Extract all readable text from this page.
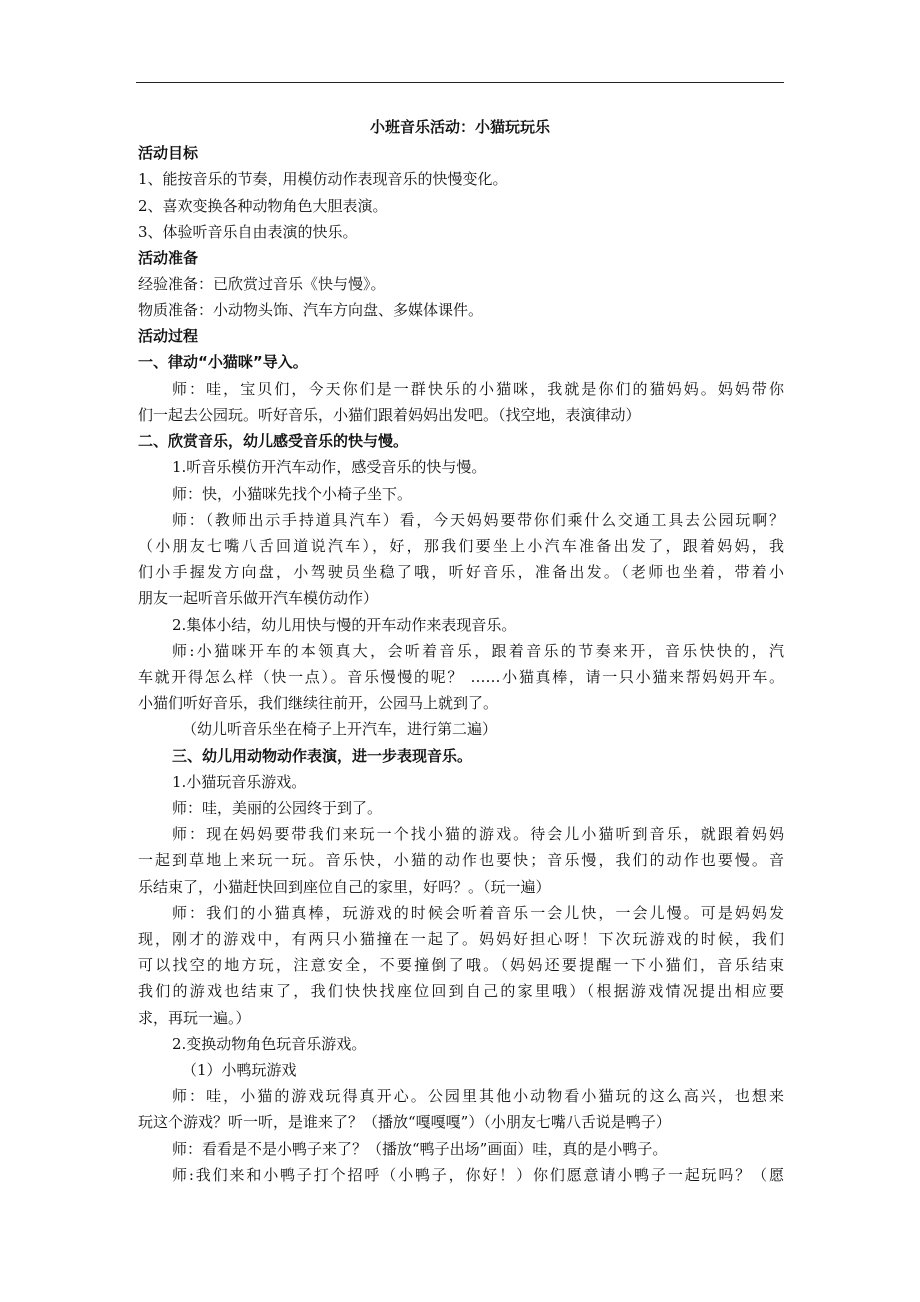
小班音乐活动：小猫玩玩乐
活动目标
1、能按音乐的节奏，用模仿动作表现音乐的快慢变化。
2、喜欢变换各种动物角色大胆表演。
3、体验听音乐自由表演的快乐。
活动准备
经验准备：已欣赏过音乐《快与慢》。
物质准备：小动物头饰、汽车方向盘、多媒体课件。
活动过程
一、律动“小猫咪”导入。
师：哇，宝贝们，今天你们是一群快乐的小猫咪，我就是你们的猫妈妈。妈妈带你
们一起去公园玩。听好音乐，小猫们跟着妈妈出发吧。（找空地，表演律动）
二、欣赏音乐，幼儿感受音乐的快与慢。
1.听音乐模仿开汽车动作，感受音乐的快与慢。
师：快，小猫咪先找个小椅子坐下。
师：（教师出示手持道具汽车）看，今天妈妈要带你们乘什么交通工具去公园玩啊？
（小朋友七嘴八舌回道说汽车），好，那我们要坐上小汽车准备出发了，跟着妈妈，我
们小手握发方向盘，小驾驶员坐稳了哦，听好音乐，准备出发。（老师也坐着，带着小
朋友一起听音乐做开汽车模仿动作）
2.集体小结，幼儿用快与慢的开车动作来表现音乐。
师:小猫咪开车的本领真大，会听着音乐，跟着音乐的节奏来开，音乐快快的，汽
车就开得怎么样（快一点）。音乐慢慢的呢？ ……小猫真棒，请一只小猫来帮妈妈开车。
小猫们听好音乐，我们继续往前开，公园马上就到了。
（幼儿听音乐坐在椅子上开汽车，进行第二遍）
三、幼儿用动物动作表演，进一步表现音乐。
1.小猫玩音乐游戏。
师：哇，美丽的公园终于到了。
师：现在妈妈要带我们来玩一个找小猫的游戏。待会儿小猫听到音乐，就跟着妈妈
一起到草地上来玩一玩。音乐快，小猫的动作也要快；音乐慢，我们的动作也要慢。音
乐结束了，小猫赶快回到座位自己的家里，好吗？。（玩一遍）
师：我们的小猫真棒，玩游戏的时候会听着音乐一会儿快，一会儿慢。可是妈妈发
现，刚才的游戏中，有两只小猫撞在一起了。妈妈好担心呀！下次玩游戏的时候，我们
可以找空的地方玩，注意安全，不要撞倒了哦。（妈妈还要提醒一下小猫们，音乐结束
我们的游戏也结束了，我们快快找座位回到自己的家里哦）（根据游戏情况提出相应要
求，再玩一遍。）
2.变换动物角色玩音乐游戏。
（1）小鸭玩游戏
师：哇，小猫的游戏玩得真开心。公园里其他小动物看小猫玩的这么高兴，也想来
玩这个游戏？听一听，是谁来了？（播放“嘎嘎嘎”）（小朋友七嘴八舌说是鸭子）
师：看看是不是小鸭子来了？（播放“鸭子出场”画面）哇，真的是小鸭子。
师:我们来和小鸭子打个招呼（小鸭子，你好！）你们愿意请小鸭子一起玩吗？（愿
